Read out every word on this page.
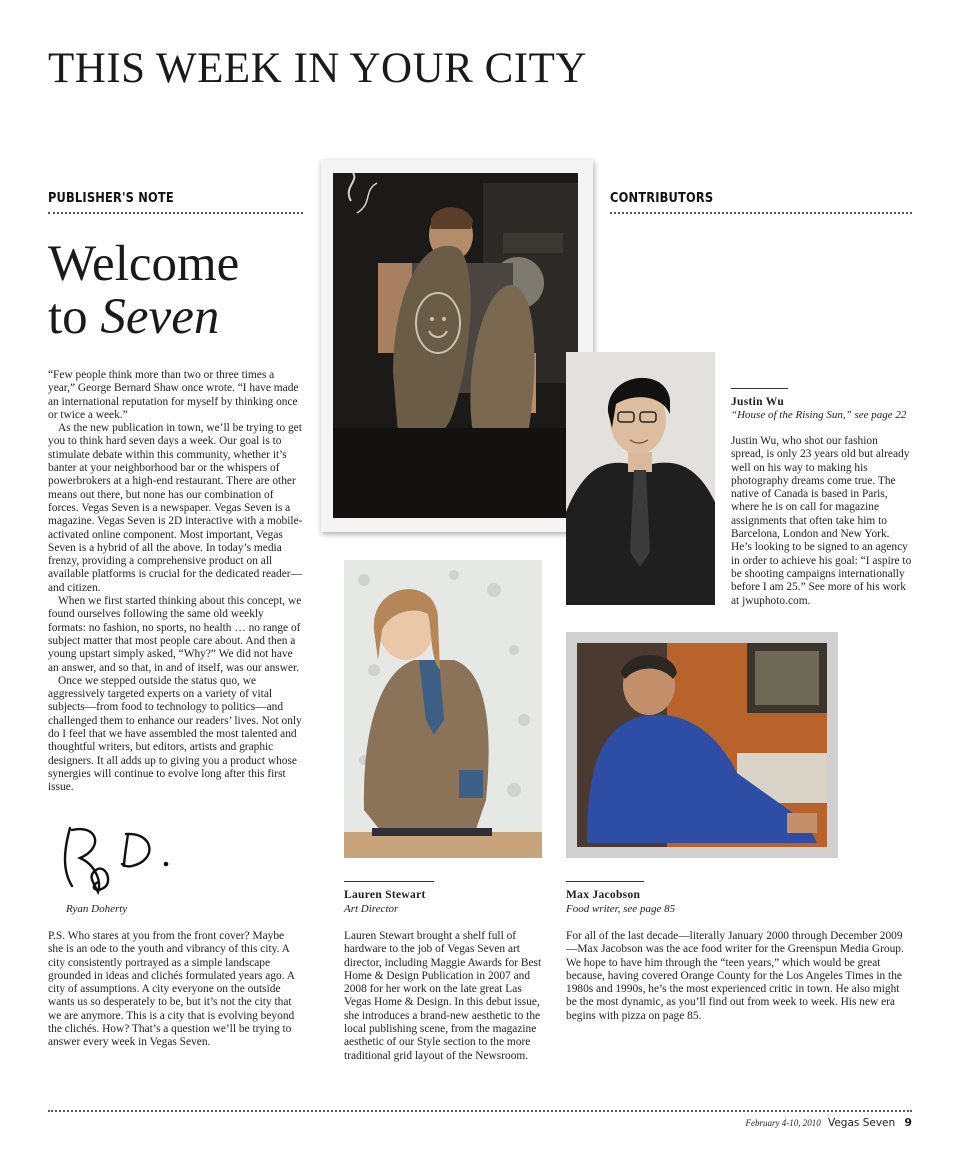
THIS WEEK IN YOUR CITY
PUBLISHER'S NOTE	CONTRIBUTORS
Welcome
to Seven

“Few people think more than two or three times a year,” George Bernard Shaw once wrote. “I have made an international reputation for myself by thinking once or twice a week.”

As the new publication in town, we’ll be trying to get you to think hard seven days a week. Our goal is to stimulate debate within this community, whether it’s banter at your neighborhood bar or the whispers of powerbrokers at a high-end restaurant. There are other means out there, but none has our combination of forces. Vegas Seven is a newspaper. Vegas Seven is a magazine. Vegas Seven is 2D interactive with a mobile-activated online component. Most important, Vegas Seven is a hybrid of all the above. In today’s media frenzy, providing a comprehensive product on all available platforms is crucial for the dedicated reader—and citizen.

When we first started thinking about this concept, we found ourselves following the same old weekly formats: no fashion, no sports, no health … no range of subject matter that most people care about. And then a young upstart simply asked, “Why?” We did not have an answer, and so that, in and of itself, was our answer.

Once we stepped outside the status quo, we aggressively targeted experts on a variety of vital subjects—from food to technology to politics—and challenged them to enhance our readers’ lives. Not only do I feel that we have assembled the most talented and thoughtful writers, but editors, artists and graphic designers. It all adds up to giving you a product whose synergies will continue to evolve long after this first issue.

Ryan Doherty

P.S. Who stares at you from the front cover? Maybe she is an ode to the youth and vibrancy of this city. A city consistently portrayed as a simple landscape grounded in ideas and clichés formulated years ago. A city of assumptions. A city everyone on the outside wants us so desperately to be, but it’s not the city that we are anymore. This is a city that is evolving beyond the clichés. How? That’s a question we’ll be trying to answer every week in Vegas Seven.

Justin Wu
“House of the Rising Sun,” see page 22

Justin Wu, who shot our fashion spread, is only 23 years old but already well on his way to making his photography dreams come true. The native of Canada is based in Paris, where he is on call for magazine assignments that often take him to Barcelona, London and New York. He’s looking to be signed to an agency in order to achieve his goal: “I aspire to be shooting campaigns internationally before I am 25.” See more of his work at jwuphoto.com.

Lauren Stewart
Art Director

Lauren Stewart brought a shelf full of hardware to the job of Vegas Seven art director, including Maggie Awards for Best Home & Design Publication in 2007 and 2008 for her work on the late great Las Vegas Home & Design. In this debut issue, she introduces a brand-new aesthetic to the local publishing scene, from the magazine aesthetic of our Style section to the more traditional grid layout of the Newsroom.

Max Jacobson
Food writer, see page 85

For all of the last decade—literally January 2000 through December 2009—Max Jacobson was the ace food writer for the Greenspun Media Group. We hope to have him through the “teen years,” which would be great because, having covered Orange County for the Los Angeles Times in the 1980s and 1990s, he’s the most experienced critic in town. He also might be the most dynamic, as you’ll find out from week to week. His new era begins with pizza on page 85.

February 4-10, 2010 Vegas Seven 9
